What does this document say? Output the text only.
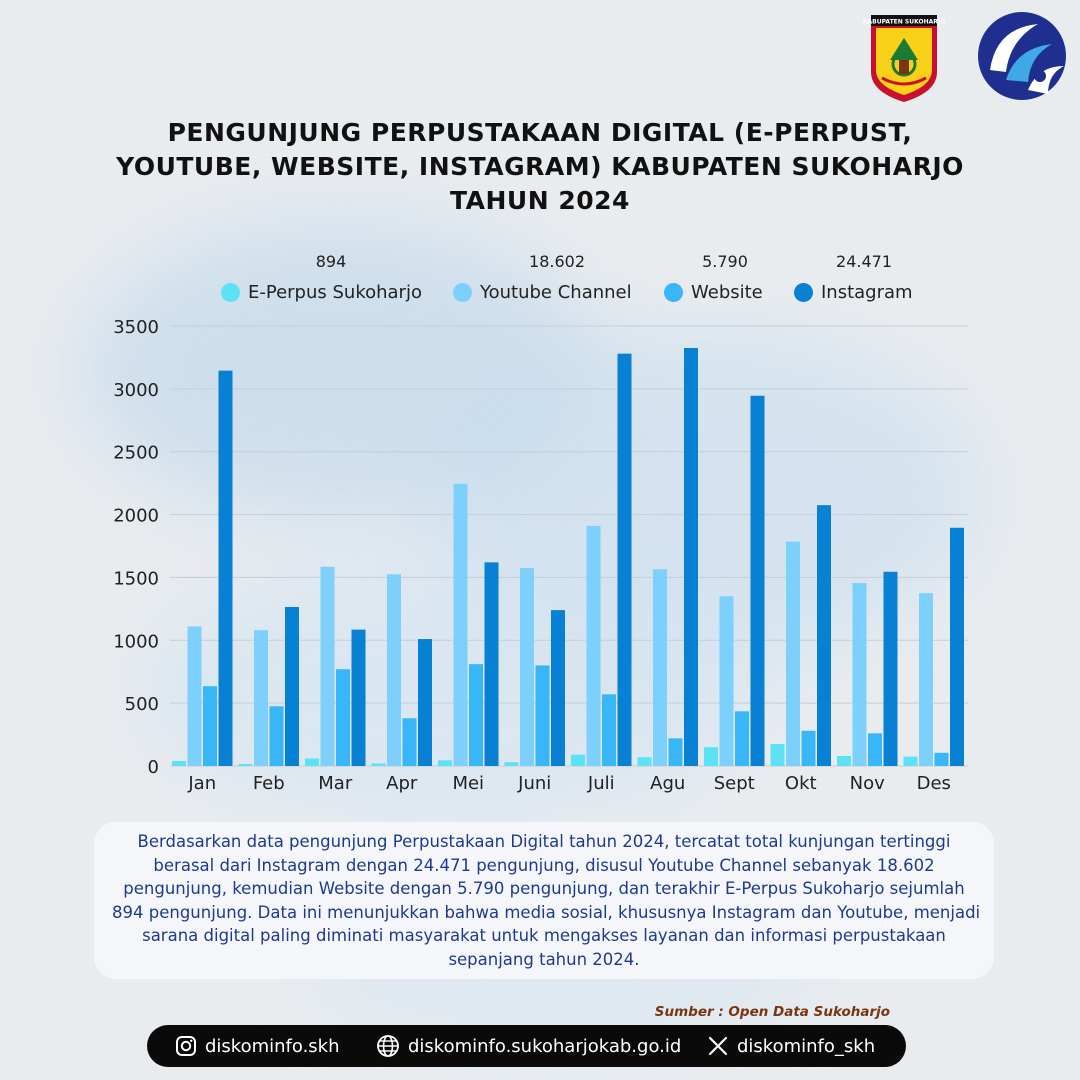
KABUPATEN SUKOHARJO
PENGUNJUNG PERPUSTAKAAN DIGITAL (E-PERPUST,
YOUTUBE, WEBSITE, INSTAGRAM) KABUPATEN SUKOHARJO
TAHUN 2024
894	18.602	5.790	24.471
E-Perpus Sukoharjo	Youtube Channel	Website	Instagram
0
500
1000
1500
2000
2500
3000
3500
Jan Feb Mar Apr Mei Juni Juli Agu Sept Okt Nov Des
Berdasarkan data pengunjung Perpustakaan Digital tahun 2024, tercatat total kunjungan tertinggi
berasal dari Instagram dengan 24.471 pengunjung, disusul Youtube Channel sebanyak 18.602
pengunjung, kemudian Website dengan 5.790 pengunjung, dan terakhir E-Perpus Sukoharjo sejumlah
894 pengunjung. Data ini menunjukkan bahwa media sosial, khususnya Instagram dan Youtube, menjadi
sarana digital paling diminati masyarakat untuk mengakses layanan dan informasi perpustakaan
sepanjang tahun 2024.
Sumber : Open Data Sukoharjo
diskominfo.skh	diskominfo.sukoharjokab.go.id	diskominfo_skh
